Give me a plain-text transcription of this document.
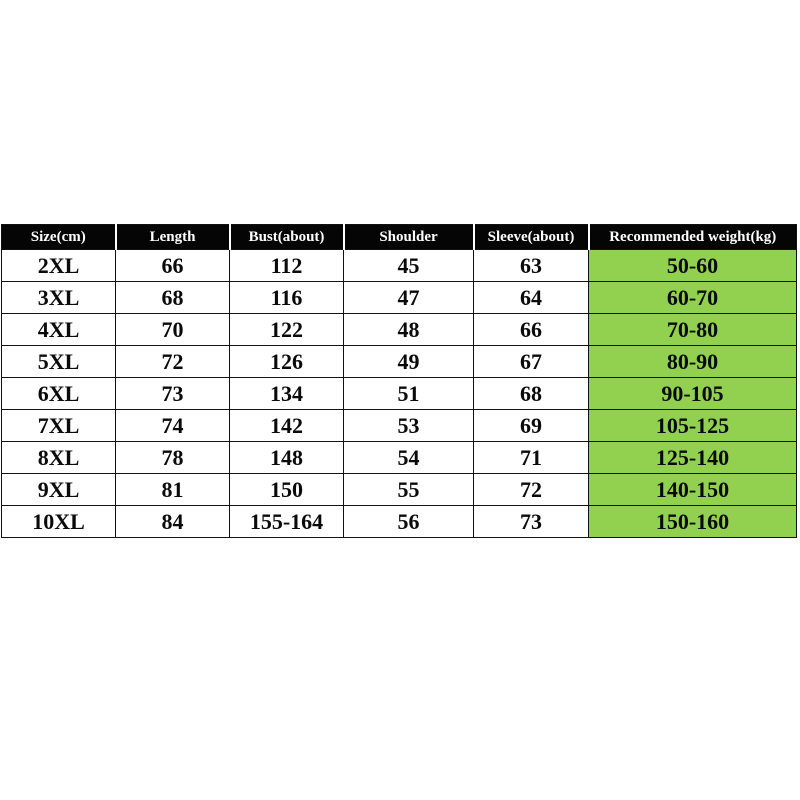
Size(cm)	Length	Bust(about)	Shoulder	Sleeve(about)	Recommended weight(kg)
2XL	66	112	45	63	50-60
3XL	68	116	47	64	60-70
4XL	70	122	48	66	70-80
5XL	72	126	49	67	80-90
6XL	73	134	51	68	90-105
7XL	74	142	53	69	105-125
8XL	78	148	54	71	125-140
9XL	81	150	55	72	140-150
10XL	84	155-164	56	73	150-160
